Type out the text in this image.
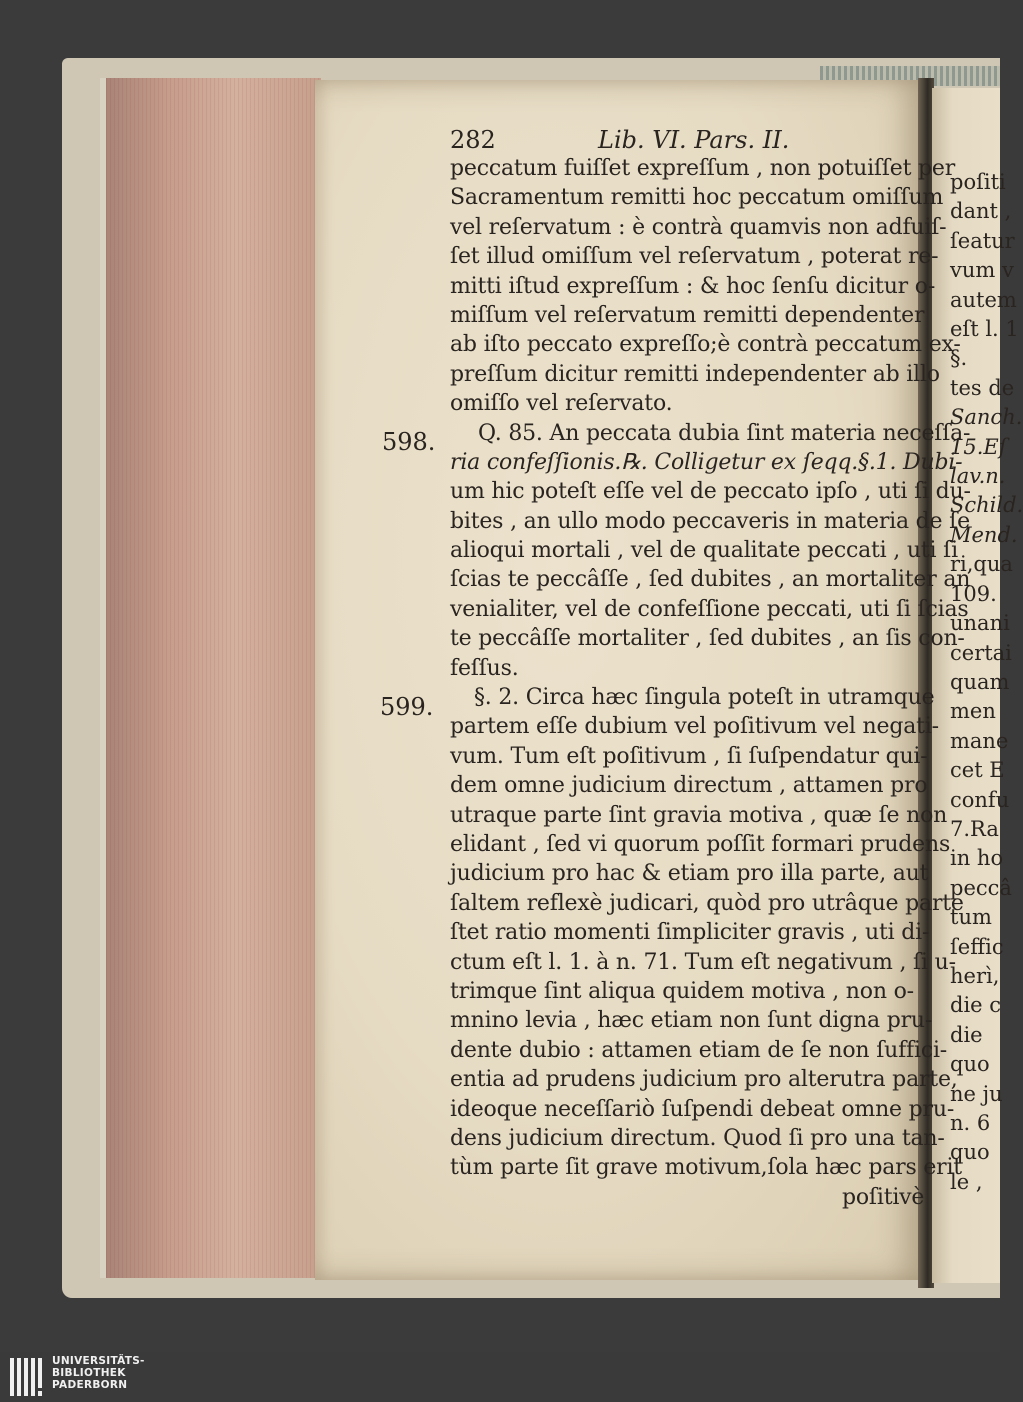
282	Lib. VI. Pars. II.
598.
599.
peccatum fuiſſet expreſſum , non potuiſſet per
Sacramentum remitti hoc peccatum omiſſum
vel reſervatum : è contrà quamvis non adfuiſ-
ſet illud omiſſum vel reſervatum , poterat re-
mitti iſtud expreſſum : & hoc ſenſu dicitur o-
miſſum vel reſervatum remitti dependenter
ab iſto peccato expreſſo;è contrà peccatum ex-
preſſum dicitur remitti independenter ab illo
omiſſo vel reſervato.
Q. 85. An peccata dubia ſint materia neceſſa-
ria confeſſionis.℞. Colligetur ex ſeqq.§.1. Dubi-
um hic poteſt eſſe vel de peccato ipſo , uti ſi du-
bites , an ullo modo peccaveris in materia de ſe
alioqui mortali , vel de qualitate peccati , uti ſi
ſcias te peccâſſe , ſed dubites , an mortaliter an
venialiter, vel de confeſſione peccati, uti ſi ſcias
te peccâſſe mortaliter , ſed dubites , an ſis con-
feſſus.
§. 2. Circa hæc ſingula poteſt in utramque
partem eſſe dubium vel poſitivum vel negati-
vum. Tum eſt poſitivum , ſi ſuſpendatur qui-
dem omne judicium directum , attamen pro
utraque parte ſint gravia motiva , quæ ſe non
elidant , ſed vi quorum poſſit formari prudens
judicium pro hac & etiam pro illa parte, aut
ſaltem reflexè judicari, quòd pro utrâque parte
ſtet ratio momenti ſimpliciter gravis , uti di-
ctum eſt l. 1. à n. 71. Tum eſt negativum , ſi u-
trimque ſint aliqua quidem motiva , non o-
mnino levia , hæc etiam non ſunt digna pru-
dente dubio : attamen etiam de ſe non ſuffici-
entia ad prudens judicium pro alterutra parte,
ideoque neceſſariò ſuſpendi debeat omne pru-
dens judicium directum. Quod ſi pro una tan-
tùm parte ſit grave motivum,ſola hæc pars erit
poſitivè
poſiti
dant ,
ſeatur
vum v
autem
eſt l. 1
§.
tes de
Sanch.
15.Eſ
lav.n.
Schild.
Mend.
ri,qua
109.
unani
certai
quam
men
mane
cet E
confu
7.Ra
in ho
peccâ
tum
ſeffic
herì,
die c
die
quo
ne ju
n. 6
quo
le ,
UNIVERSITÄTS-
BIBLIOTHEK
PADERBORN
